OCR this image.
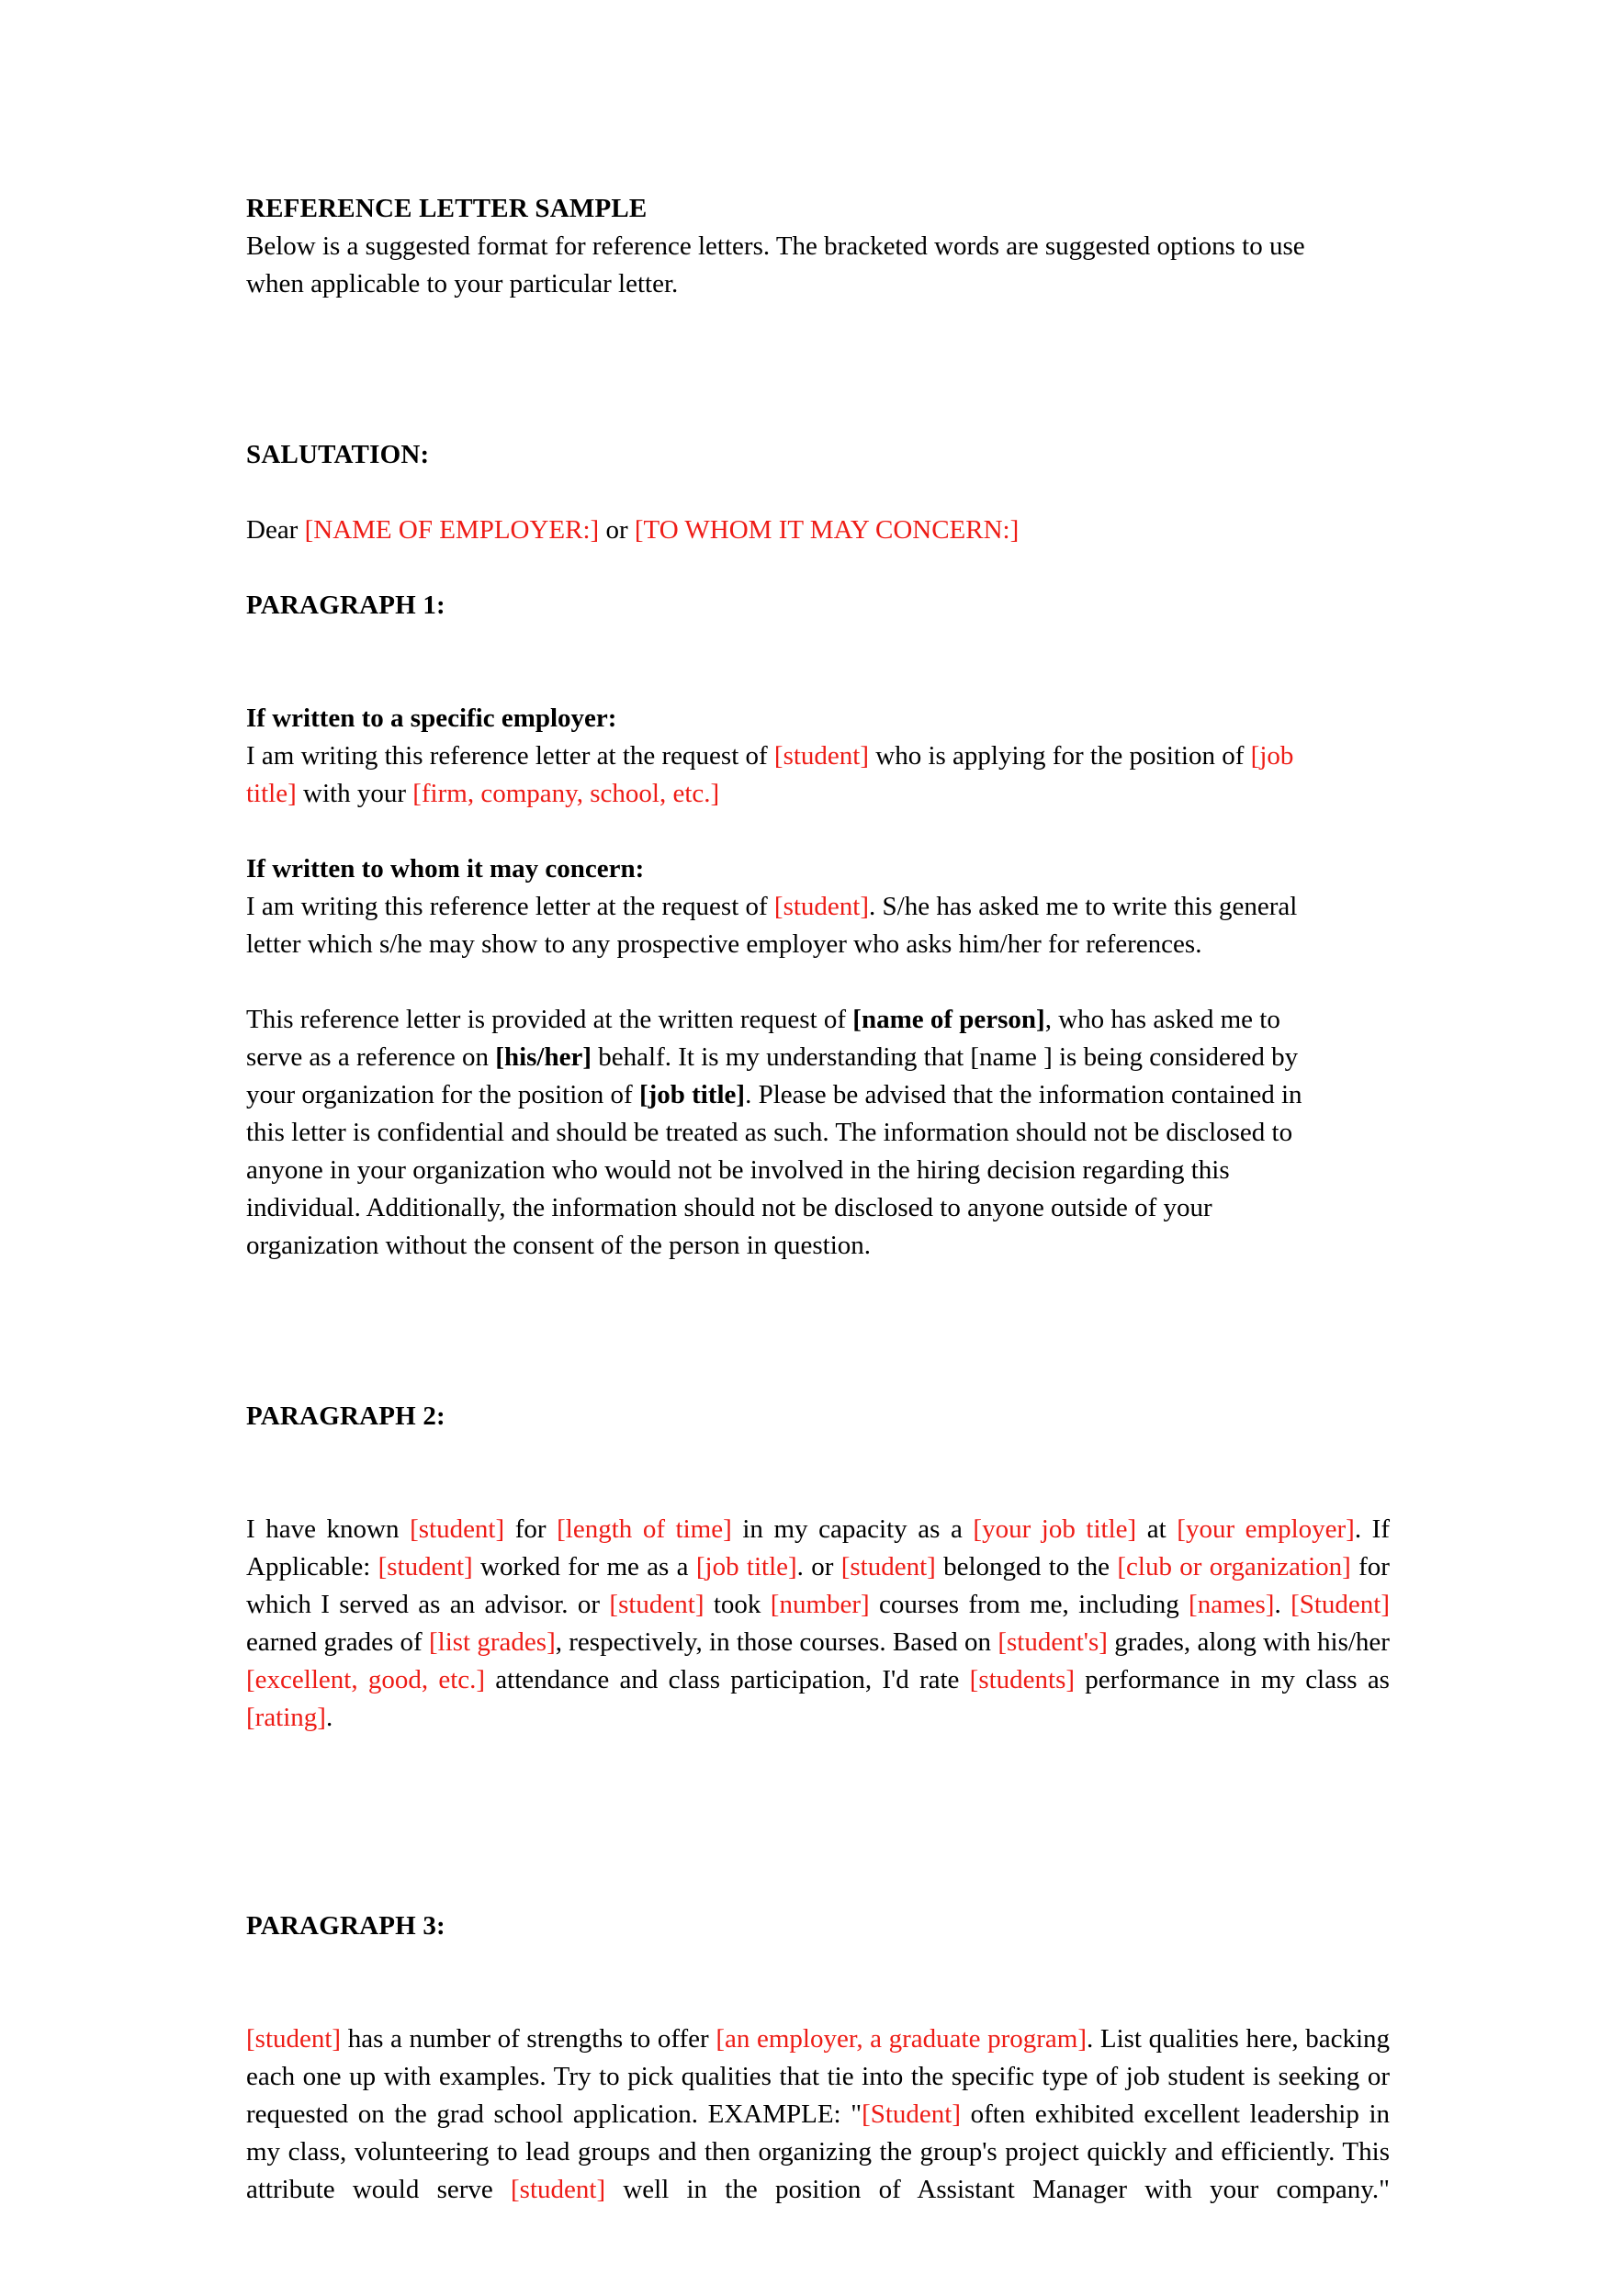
REFERENCE LETTER SAMPLE

Below is a suggested format for reference letters. The bracketed words are suggested options to use when applicable to your particular letter.

SALUTATION:

Dear [NAME OF EMPLOYER:] or [TO WHOM IT MAY CONCERN:]

PARAGRAPH 1:
If written to a specific employer:

I am writing this reference letter at the request of [student] who is applying for the position of [job title] with your [firm, company, school, etc.]

If written to whom it may concern:

I am writing this reference letter at the request of [student]. S/he has asked me to write this general letter which s/he may show to any prospective employer who asks him/her for references.

This reference letter is provided at the written request of [name of person], who has asked me to serve as a reference on [his/her] behalf. It is my understanding that [name ] is being considered by your organization for the position of [job title]. Please be advised that the information contained in this letter is confidential and should be treated as such. The information should not be disclosed to anyone in your organization who would not be involved in the hiring decision regarding this individual. Additionally, the information should not be disclosed to anyone outside of your organization without the consent of the person in question.

PARAGRAPH 2:

I have known [student] for [length of time] in my capacity as a [your job title] at [your employer]. If Applicable: [student] worked for me as a [job title]. or [student] belonged to the [club or organization] for which I served as an advisor. or [student] took [number] courses from me, including [names]. [Student] earned grades of [list grades], respectively, in those courses. Based on [student's] grades, along with his/her [excellent, good, etc.] attendance and class participation, I'd rate [students] performance in my class as [rating].

PARAGRAPH 3:

[student] has a number of strengths to offer [an employer, a graduate program]. List qualities here, backing each one up with examples. Try to pick qualities that tie into the specific type of job student is seeking or requested on the grad school application. EXAMPLE: "[Student] often exhibited excellent leadership in my class, volunteering to lead groups and then organizing the group's project quickly and efficiently. This attribute would serve [student] well in the position of Assistant Manager with your company."
